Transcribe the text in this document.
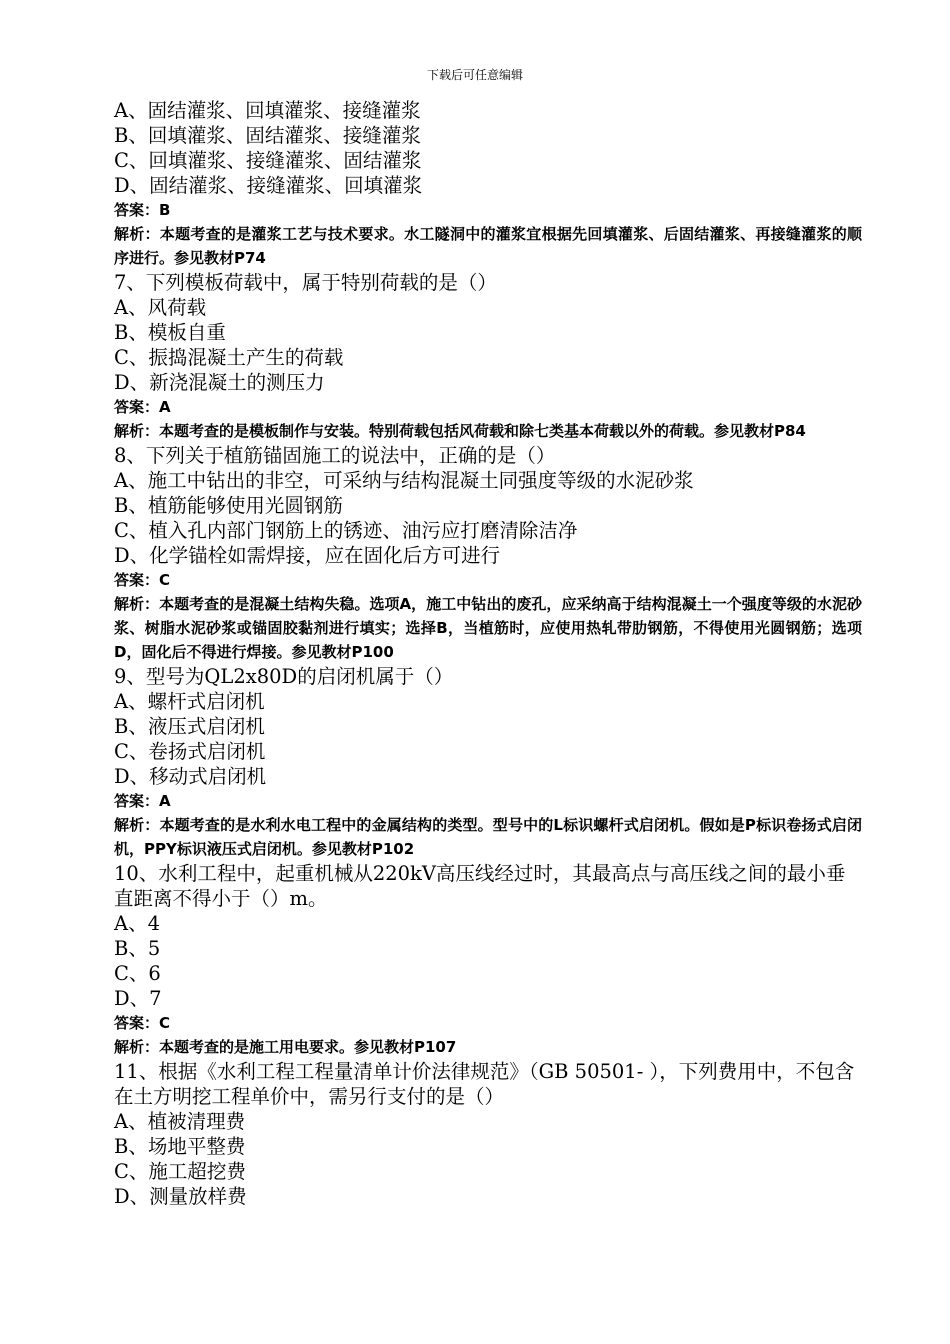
下载后可任意编辑
A、固结灌浆、回填灌浆、接缝灌浆
B、回填灌浆、固结灌浆、接缝灌浆
C、回填灌浆、接缝灌浆、固结灌浆
D、固结灌浆、接缝灌浆、回填灌浆
答案：B
解析：本题考查的是灌浆工艺与技术要求。水工隧洞中的灌浆宜根据先回填灌浆、后固结灌浆、再接缝灌浆的顺序进行。参见教材P74
7、下列模板荷载中，属于特别荷载的是（）
A、风荷载
B、模板自重
C、振捣混凝土产生的荷载
D、新浇混凝土的测压力
答案：A
解析：本题考查的是模板制作与安装。特别荷载包括风荷载和除七类基本荷载以外的荷载。参见教材P84
8、下列关于植筋锚固施工的说法中，正确的是（）
A、施工中钻出的非空，可采纳与结构混凝土同强度等级的水泥砂浆
B、植筋能够使用光圆钢筋
C、植入孔内部门钢筋上的锈迹、油污应打磨清除洁净
D、化学锚栓如需焊接，应在固化后方可进行
答案：C
解析：本题考查的是混凝土结构失稳。选项A，施工中钻出的废孔，应采纳高于结构混凝土一个强度等级的水泥砂浆、树脂水泥砂浆或锚固胶黏剂进行填实；选择B，当植筋时，应使用热轧带肋钢筋，不得使用光圆钢筋；选项D，固化后不得进行焊接。参见教材P100
9、型号为QL2x80D的启闭机属于（）
A、螺杆式启闭机
B、液压式启闭机
C、卷扬式启闭机
D、移动式启闭机
答案：A
解析：本题考查的是水利水电工程中的金属结构的类型。型号中的L标识螺杆式启闭机。假如是P标识卷扬式启闭机，PPY标识液压式启闭机。参见教材P102
10、水利工程中，起重机械从220kV高压线经过时，其最高点与高压线之间的最小垂直距离不得小于（）m。
A、4
B、5
C、6
D、7
答案：C
解析：本题考查的是施工用电要求。参见教材P107
11、根据《水利工程工程量清单计价法律规范》（GB 50501- ），下列费用中，不包含在土方明挖工程单价中，需另行支付的是（）
A、植被清理费
B、场地平整费
C、施工超挖费
D、测量放样费
